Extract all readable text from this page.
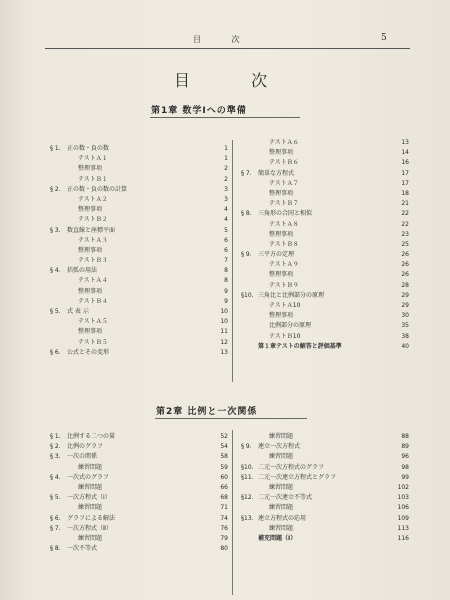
目 次	5
目 次
第1章 数学Ⅰへの準備
§ 1.	正の数・負の数	1
テストＡ１	1
整理事項	2
テストＢ１	2
§ 2.	正の数・負の数の計算	3
テストＡ２	3
整理事項	4
テストＢ２	4
§ 3.	数直線と座標平面	5
テストＡ３	6
整理事項	6
テストＢ３	7
§ 4.	括弧の用法	8
テストＡ４	8
整理事項	9
テストＢ４	9
§ 5.	式 表 示	10
テストＡ５	10
整理事項	11
テストＢ５	12
§ 6.	公式とその変形	13
テストＡ６	13
整理事項	14
テストＢ６	16
§ 7.	簡単な方程式	17
テストＡ７	17
整理事項	18
テストＢ７	21
§ 8.	三角形の合同と相似	22
テストＡ８	22
整理事項	23
テストＢ８	25
§ 9.	三平方の定理	26
テストＡ９	26
整理事項	26
テストＢ９	28
§10. 三角比と比例部分の原理	29
テストＡ10	29
整理事項	30
比例部分の原理	35
テストＢ10	38
第１章テストの解答と評価基準	40
第2章 比例と一次関係
§ 1.	比例する二つの量	52
§ 2.	比例のグラフ	54
§ 3.	一次の関係	58
練習問題	59
§ 4.	一次式のグラフ	60
練習問題	66
§ 5.	一次方程式（Ⅰ）	68
練習問題	71
§ 6.	グラフによる解法	74
§ 7.	一次方程式（Ⅱ）	76
練習問題	79
§ 8.	一次不等式	80
練習問題	88
§ 9.	連立一次方程式	89
練習問題	96
§10. 二元一次方程式のグラフ	98
§11. 二元一次連立方程式とグラフ	99
練習問題	102
§12. 二元一次連立不等式	103
練習問題	106
§13. 連立方程式の応用	109
練習問題	113
補充問題（Ⅰ）	116
